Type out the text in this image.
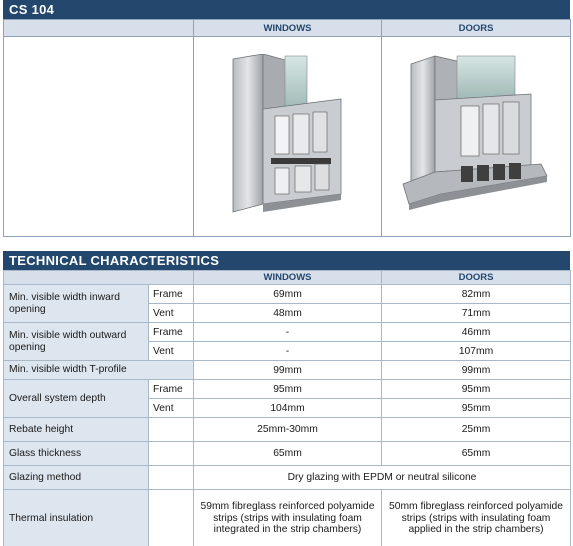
CS 104
	WINDOWS	DOORS

TECHNICAL CHARACTERISTICS
		WINDOWS	DOORS
Min. visible width inward opening	Frame	69mm	82mm
	Vent	48mm	71mm
Min. visible width outward opening	Frame	-	46mm
	Vent	-	107mm
Min. visible width T-profile		99mm	99mm
Overall system depth	Frame	95mm	95mm
	Vent	104mm	95mm
Rebate height		25mm-30mm	25mm
Glass thickness		65mm	65mm
Glazing method		Dry glazing with EPDM or neutral silicone	
Thermal insulation		59mm fibreglass reinforced polyamide strips (strips with insulating foam integrated in the strip chambers)	50mm fibreglass reinforced polyamide strips (strips with insulating foam applied in the strip chambers)
